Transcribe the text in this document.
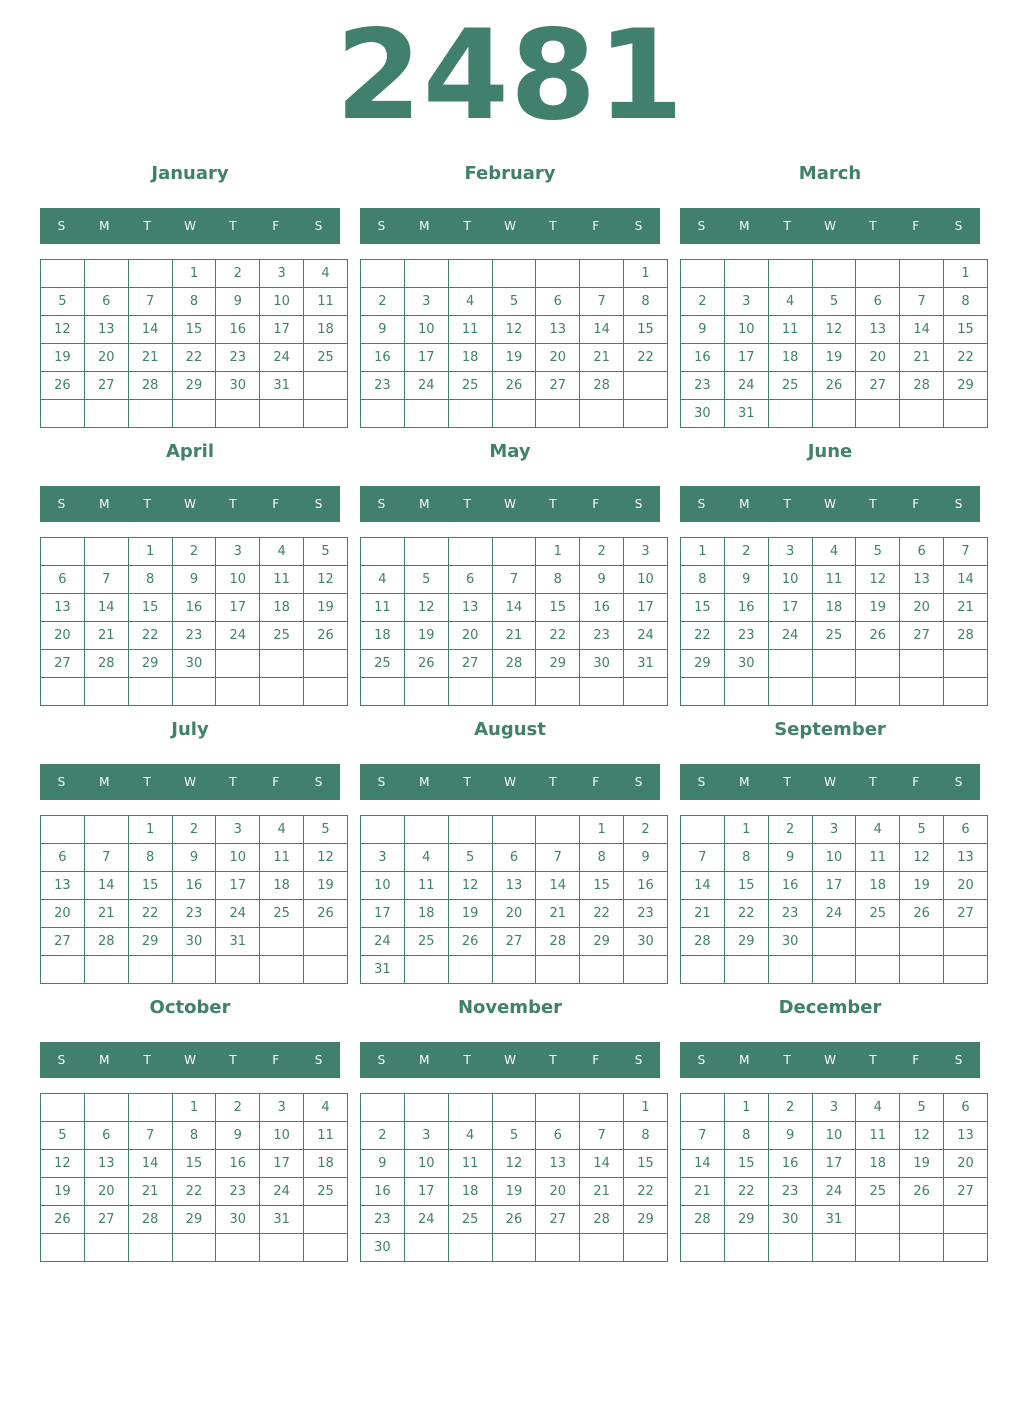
2481
January
S	M	T	W	T	F	S
			1	2	3	4
5	6	7	8	9	10	11
12	13	14	15	16	17	18
19	20	21	22	23	24	25
26	27	28	29	30	31	

February
S	M	T	W	T	F	S
						1
2	3	4	5	6	7	8
9	10	11	12	13	14	15
16	17	18	19	20	21	22
23	24	25	26	27	28	

March
S	M	T	W	T	F	S
						1
2	3	4	5	6	7	8
9	10	11	12	13	14	15
16	17	18	19	20	21	22
23	24	25	26	27	28	29
30	31					
April
S	M	T	W	T	F	S
		1	2	3	4	5
6	7	8	9	10	11	12
13	14	15	16	17	18	19
20	21	22	23	24	25	26
27	28	29	30			

May
S	M	T	W	T	F	S
				1	2	3
4	5	6	7	8	9	10
11	12	13	14	15	16	17
18	19	20	21	22	23	24
25	26	27	28	29	30	31

June
S	M	T	W	T	F	S
1	2	3	4	5	6	7
8	9	10	11	12	13	14
15	16	17	18	19	20	21
22	23	24	25	26	27	28
29	30					

July
S	M	T	W	T	F	S
		1	2	3	4	5
6	7	8	9	10	11	12
13	14	15	16	17	18	19
20	21	22	23	24	25	26
27	28	29	30	31		

August
S	M	T	W	T	F	S
					1	2
3	4	5	6	7	8	9
10	11	12	13	14	15	16
17	18	19	20	21	22	23
24	25	26	27	28	29	30
31						
September
S	M	T	W	T	F	S
	1	2	3	4	5	6
7	8	9	10	11	12	13
14	15	16	17	18	19	20
21	22	23	24	25	26	27
28	29	30				

October
S	M	T	W	T	F	S
			1	2	3	4
5	6	7	8	9	10	11
12	13	14	15	16	17	18
19	20	21	22	23	24	25
26	27	28	29	30	31	

November
S	M	T	W	T	F	S
						1
2	3	4	5	6	7	8
9	10	11	12	13	14	15
16	17	18	19	20	21	22
23	24	25	26	27	28	29
30						
December
S	M	T	W	T	F	S
	1	2	3	4	5	6
7	8	9	10	11	12	13
14	15	16	17	18	19	20
21	22	23	24	25	26	27
28	29	30	31			
